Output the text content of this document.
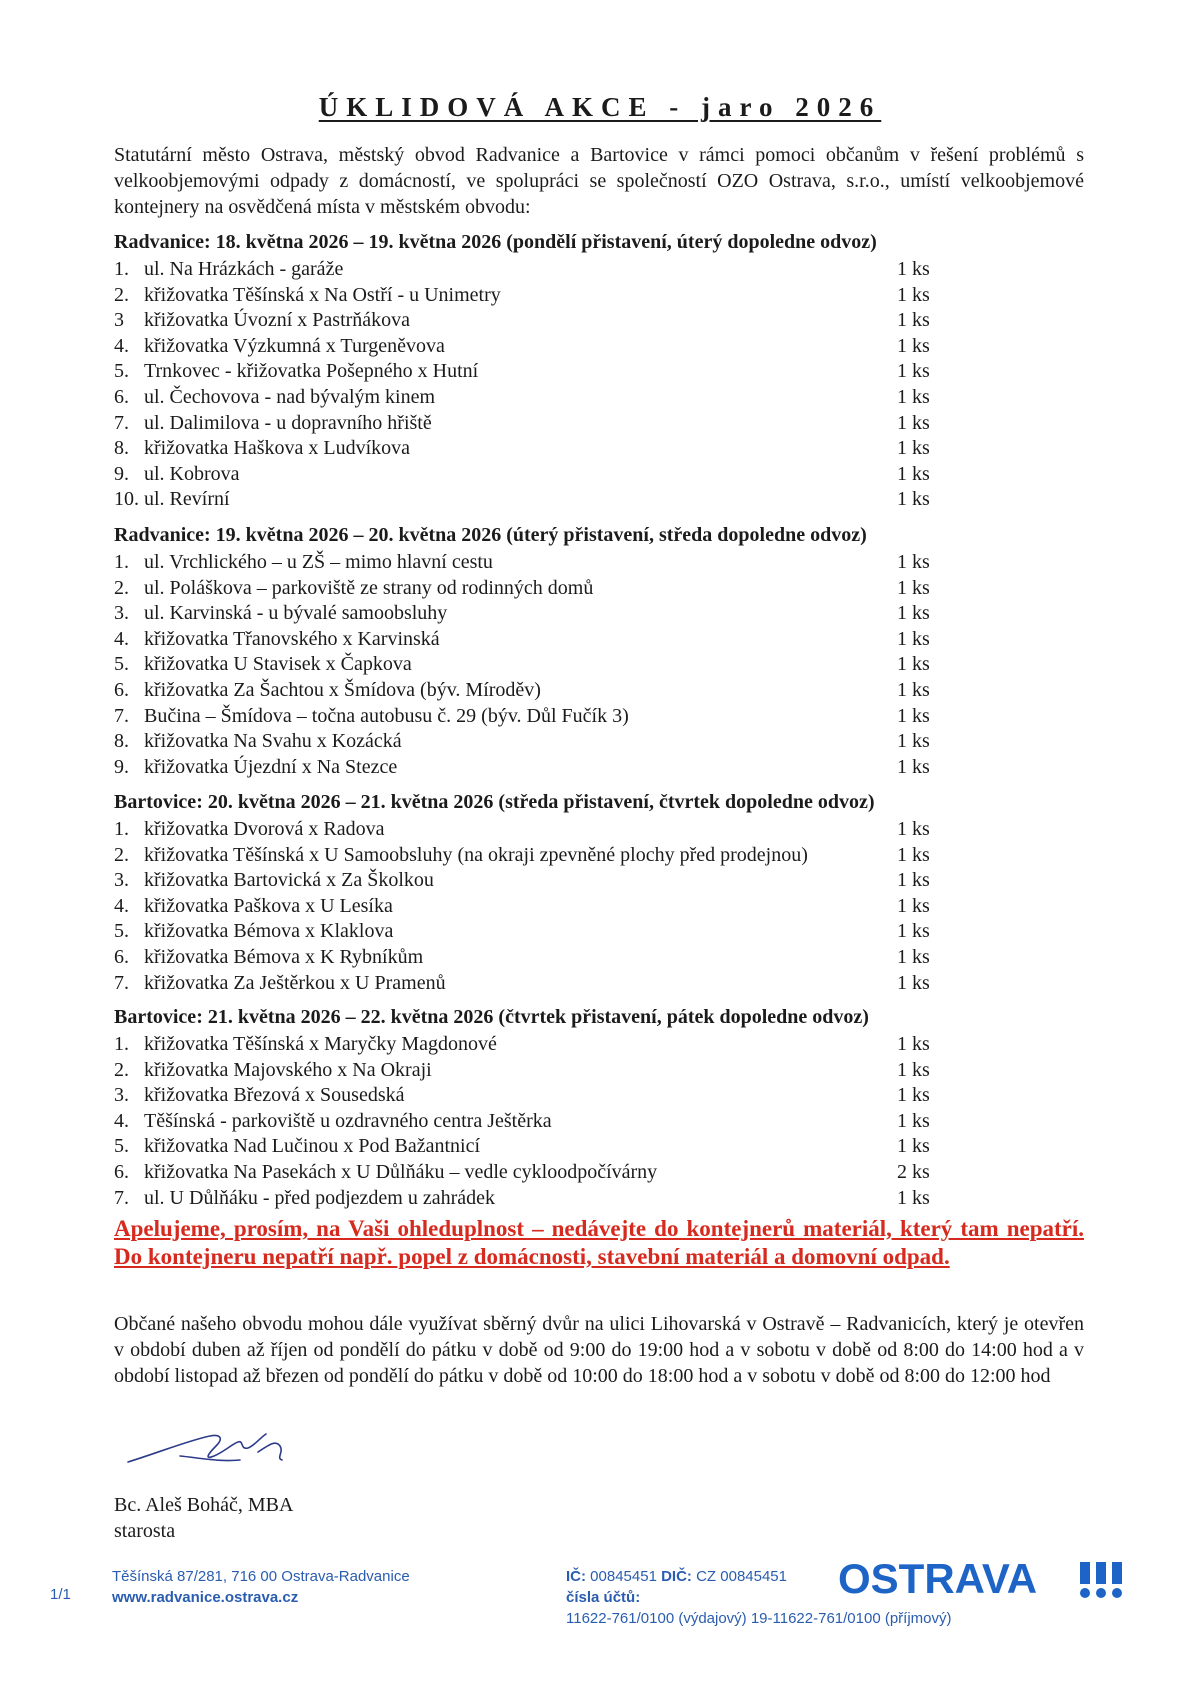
ÚKLIDOVÁ AKCE - jaro 2026
Statutární město Ostrava, městský obvod Radvanice a Bartovice v rámci pomoci občanům v řešení problémů s velkoobjemovými odpady z domácností, ve spolupráci se společností OZO Ostrava, s.r.o., umístí velkoobjemové kontejnery na osvědčená místa v městském obvodu:
Radvanice: 18. května 2026 – 19. května 2026 (pondělí přistavení, úterý dopoledne odvoz)
1. ul. Na Hrázkách - garáže	1 ks
2. křižovatka Těšínská x Na Ostří - u Unimetry	1 ks
3 křižovatka Úvozní x Pastrňákova	1 ks
4. křižovatka Výzkumná x Turgeněvova	1 ks
5. Trnkovec - křižovatka Pošepného x Hutní	1 ks
6. ul. Čechovova - nad bývalým kinem	1 ks
7. ul. Dalimilova - u dopravního hřiště	1 ks
8. křižovatka Haškova x Ludvíkova	1 ks
9. ul. Kobrova	1 ks
10. ul. Revírní	1 ks
Radvanice: 19. května 2026 – 20. května 2026 (úterý přistavení, středa dopoledne odvoz)
1. ul. Vrchlického – u ZŠ – mimo hlavní cestu	1 ks
2. ul. Poláškova – parkoviště ze strany od rodinných domů	1 ks
3. ul. Karvinská - u bývalé samoobsluhy	1 ks
4. křižovatka Třanovského x Karvinská	1 ks
5. křižovatka U Stavisek x Čapkova	1 ks
6. křižovatka Za Šachtou x Šmídova (býv. Míroděv)	1 ks
7. Bučina – Šmídova – točna autobusu č. 29 (býv. Důl Fučík 3)	1 ks
8. křižovatka Na Svahu x Kozácká	1 ks
9. křižovatka Újezdní x Na Stezce	1 ks
Bartovice: 20. května 2026 – 21. května 2026 (středa přistavení, čtvrtek dopoledne odvoz)
1. křižovatka Dvorová x Radova	1 ks
2. křižovatka Těšínská x U Samoobsluhy (na okraji zpevněné plochy před prodejnou)	1 ks
3. křižovatka Bartovická x Za Školkou	1 ks
4. křižovatka Paškova x U Lesíka	1 ks
5. křižovatka Bémova x Klaklova	1 ks
6. křižovatka Bémova x K Rybníkům	1 ks
7. křižovatka Za Ještěrkou x U Pramenů	1 ks
Bartovice: 21. května 2026 – 22. května 2026 (čtvrtek přistavení, pátek dopoledne odvoz)
1. křižovatka Těšínská x Maryčky Magdonové	1 ks
2. křižovatka Majovského x Na Okraji	1 ks
3. křižovatka Březová x Sousedská	1 ks
4. Těšínská - parkoviště u ozdravného centra Ještěrka	1 ks
5. křižovatka Nad Lučinou x Pod Bažantnicí	1 ks
6. křižovatka Na Pasekách x U Důlňáku – vedle cykloodpočívárny	2 ks
7. ul. U Důlňáku - před podjezdem u zahrádek	1 ks
Apelujeme, prosím, na Vaši ohleduplnost – nedávejte do kontejnerů materiál, který tam nepatří. Do kontejneru nepatří např. popel z domácnosti, stavební materiál a domovní odpad.
Občané našeho obvodu mohou dále využívat sběrný dvůr na ulici Lihovarská v Ostravě – Radvanicích, který je otevřen v období duben až říjen od pondělí do pátku v době od 9:00 do 19:00 hod a v sobotu v době od 8:00 do 14:00 hod a v období listopad až březen od pondělí do pátku v době od 10:00 do 18:00 hod a v sobotu v době od 8:00 do 12:00 hod
Bc. Aleš Boháč, MBA
starosta
1/1
Těšínská 87/281, 716 00 Ostrava-Radvanice
www.radvanice.ostrava.cz
IČ: 00845451 DIČ: CZ 00845451
čísla účtů:
11622-761/0100 (výdajový) 19-11622-761/0100 (příjmový)
OSTRAVA
